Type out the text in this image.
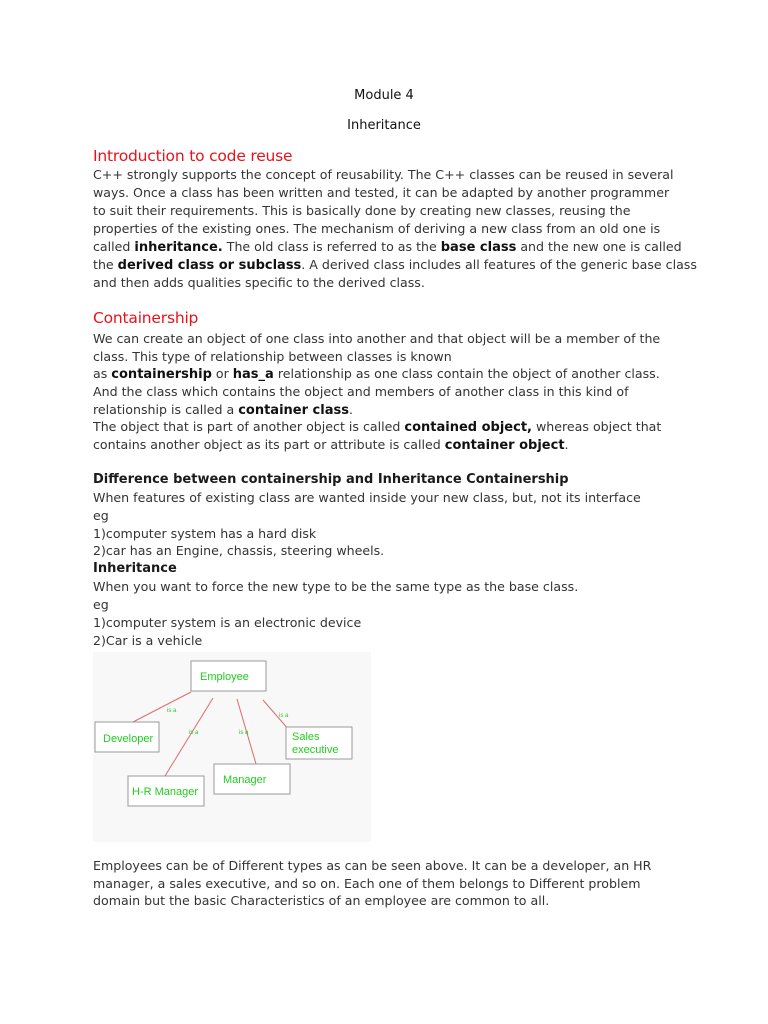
Module 4
Inheritance
Introduction to code reuse
C++ strongly supports the concept of reusability. The C++ classes can be reused in several
ways. Once a class has been written and tested, it can be adapted by another programmer
to suit their requirements. This is basically done by creating new classes, reusing the
properties of the existing ones. The mechanism of deriving a new class from an old one is
called inheritance. The old class is referred to as the base class and the new one is called
the derived class or subclass. A derived class includes all features of the generic base class
and then adds qualities specific to the derived class.
Containership
We can create an object of one class into another and that object will be a member of the
class. This type of relationship between classes is known
as containership or has_a relationship as one class contain the object of another class.
And the class which contains the object and members of another class in this kind of
relationship is called a container class.
The object that is part of another object is called contained object, whereas object that
contains another object as its part or attribute is called container object.
Difference between containership and Inheritance Containership
When features of existing class are wanted inside your new class, but, not its interface
eg
1)computer system has a hard disk
2)car has an Engine, chassis, steering wheels.
Inheritance
When you want to force the new type to be the same type as the base class.
eg
1)computer system is an electronic device
2)Car is a vehicle
is a
is a	is a
is a
Employee
Developer	Sales
executive
Manager
H-R Manager
Employees can be of Different types as can be seen above. It can be a developer, an HR
manager, a sales executive, and so on. Each one of them belongs to Different problem
domain but the basic Characteristics of an employee are common to all.
